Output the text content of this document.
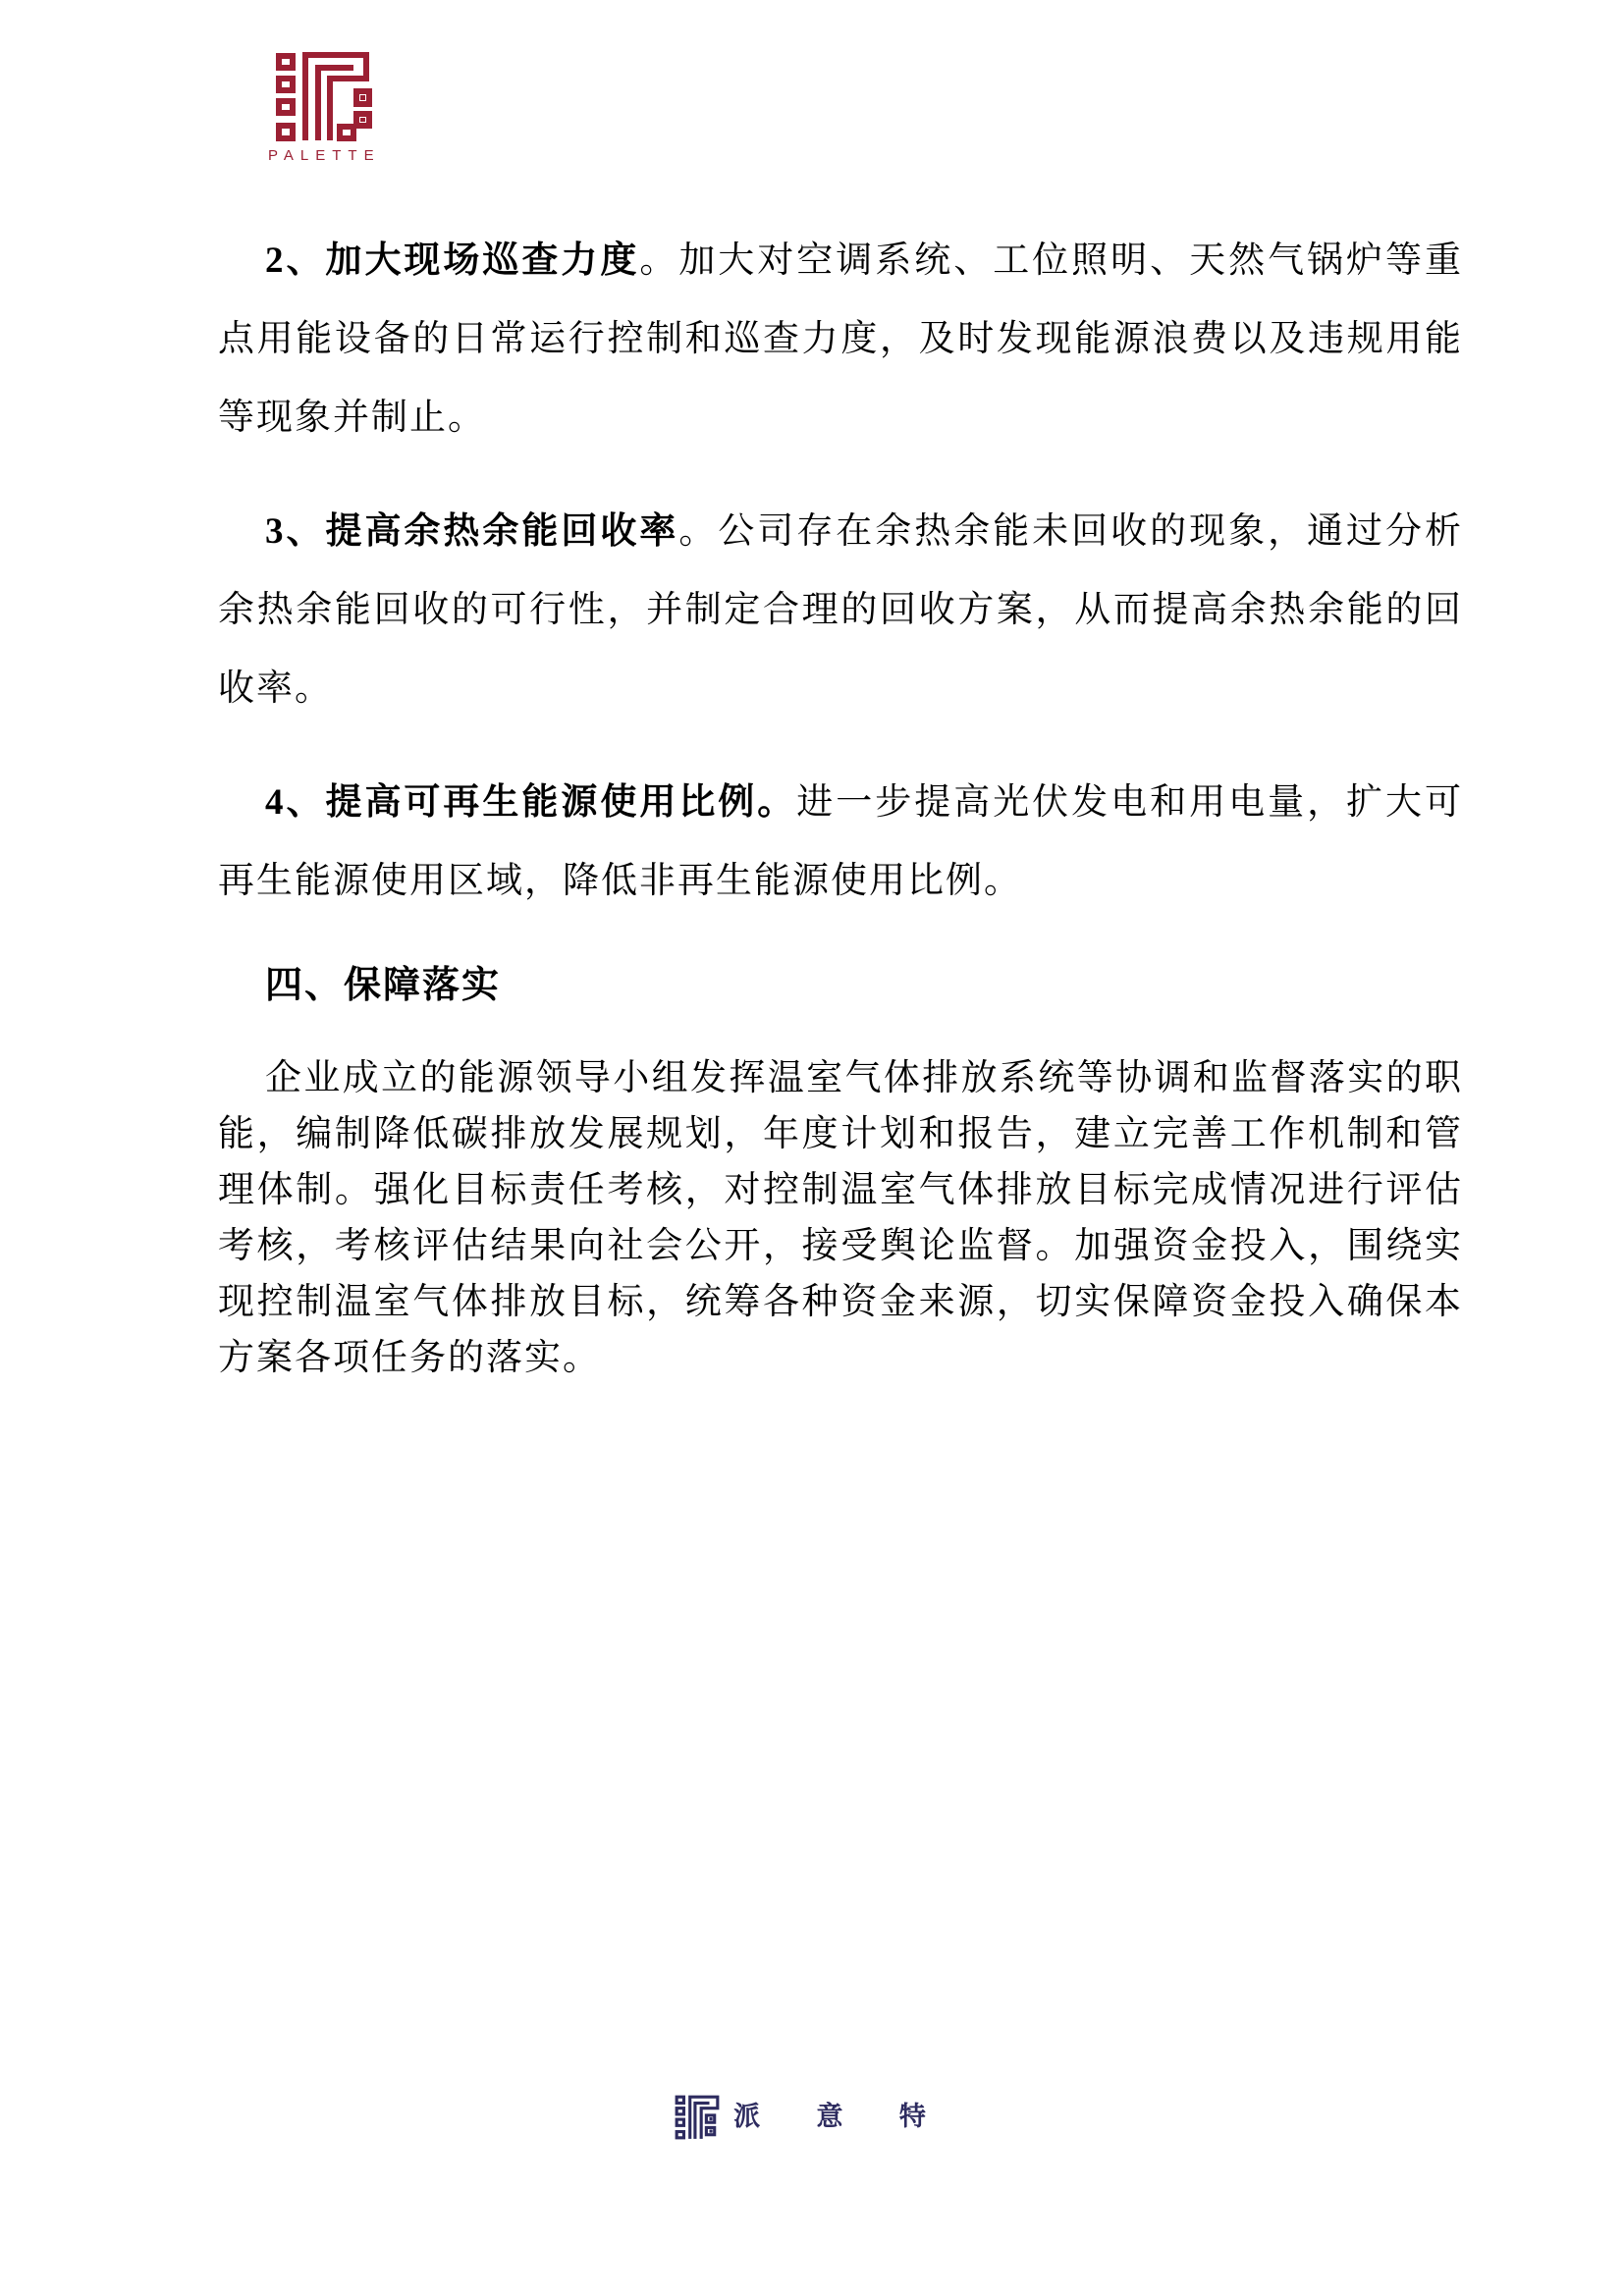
PALETTE

2、加大现场巡查力度。加大对空调系统、工位照明、天然气锅炉等重点用能设备的日常运行控制和巡查力度，及时发现能源浪费以及违规用能等现象并制止。

3、提高余热余能回收率。公司存在余热余能未回收的现象，通过分析余热余能回收的可行性，并制定合理的回收方案，从而提高余热余能的回收率。

4、提高可再生能源使用比例。进一步提高光伏发电和用电量，扩大可再生能源使用区域，降低非再生能源使用比例。

四、保障落实

企业成立的能源领导小组发挥温室气体排放系统等协调和监督落实的职能，编制降低碳排放发展规划，年度计划和报告，建立完善工作机制和管理体制。强化目标责任考核，对控制温室气体排放目标完成情况进行评估考核，考核评估结果向社会公开，接受舆论监督。加强资金投入，围绕实现控制温室气体排放目标，统筹各种资金来源，切实保障资金投入确保本方案各项任务的落实。

派 意 特
